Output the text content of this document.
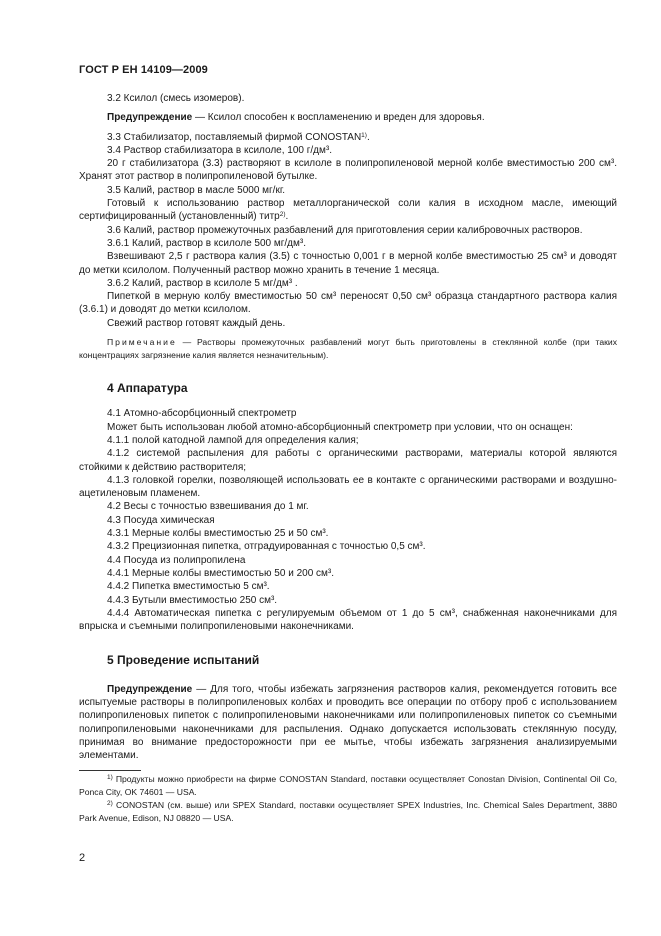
ГОСТ Р ЕН 14109—2009

3.2 Ксилол (смесь изомеров).

Предупреждение — Ксилол способен к воспламенению и вреден для здоровья.

3.3 Стабилизатор, поставляемый фирмой CONOSTAN$^{1)}$.

3.4 Раствор стабилизатора в ксилоле, 100 г/дм³.

20 г стабилизатора (3.3) растворяют в ксилоле в полипропиленовой мерной колбе вместимостью 200 см³. Хранят этот раствор в полипропиленовой бутылке.

3.5 Калий, раствор в масле 5000 мг/кг.

Готовый к использованию раствор металлорганической соли калия в исходном масле, имеющий сертифицированный (установленный) титр$^{2)}$.

3.6 Калий, раствор промежуточных разбавлений для приготовления серии калибровочных растворов.

3.6.1 Калий, раствор в ксилоле 500 мг/дм³.

Взвешивают 2,5 г раствора калия (3.5) с точностью 0,001 г в мерной колбе вместимостью 25 см³ и доводят до метки ксилолом. Полученный раствор можно хранить в течение 1 месяца.

3.6.2 Калий, раствор в ксилоле 5 мг/дм³ .

Пипеткой в мерную колбу вместимостью 50 см³ переносят 0,50 см³ образца стандартного раствора калия (3.6.1) и доводят до метки ксилолом.

Свежий раствор готовят каждый день.

Примечание — Растворы промежуточных разбавлений могут быть приготовлены в стеклянной колбе (при таких концентрациях загрязнение калия является незначительным).

4 Аппаратура

4.1 Атомно-абсорбционный спектрометр

Может быть использован любой атомно-абсорбционный спектрометр при условии, что он оснащен:

4.1.1 полой катодной лампой для определения калия;

4.1.2 системой распыления для работы с органическими растворами, материалы которой являются стойкими к действию растворителя;

4.1.3 головкой горелки, позволяющей использовать ее в контакте с органическими растворами и воздушно-ацетиленовым пламенем.

4.2 Весы с точностью взвешивания до 1 мг.

4.3 Посуда химическая

4.3.1 Мерные колбы вместимостью 25 и 50 см³.

4.3.2 Прецизионная пипетка, отградуированная с точностью 0,5 см³.

4.4 Посуда из полипропилена

4.4.1 Мерные колбы вместимостью 50 и 200 см³.

4.4.2 Пипетка вместимостью 5 см³.

4.4.3 Бутыли вместимостью 250 см³.

4.4.4 Автоматическая пипетка с регулируемым объемом от 1 до 5 см³, снабженная наконечниками для впрыска и съемными полипропиленовыми наконечниками.

5 Проведение испытаний

Предупреждение — Для того, чтобы избежать загрязнения растворов калия, рекомендуется готовить все испытуемые растворы в полипропиленовых колбах и проводить все операции по отбору проб с использованием полипропиленовых пипеток с полипропиленовыми наконечниками или полипропиленовых пипеток со съемными полипропиленовыми наконечниками для распыления. Однако допускается использовать стеклянную посуду, принимая во внимание предосторожности при ее мытье, чтобы избежать загрязнения анализируемыми элементами.

$^{1)}$ Продукты можно приобрести на фирме CONOSTAN Standard, поставки осуществляет Conostan Division, Continental Oil Co, Ponca City, OK 74601 — USA.

$^{2)}$ CONOSTAN (см. выше) или SPEX Standard, поставки осуществляет SPEX Industries, Inc. Chemical Sales Department, 3880 Park Avenue, Edison, NJ 08820 — USA.

2
